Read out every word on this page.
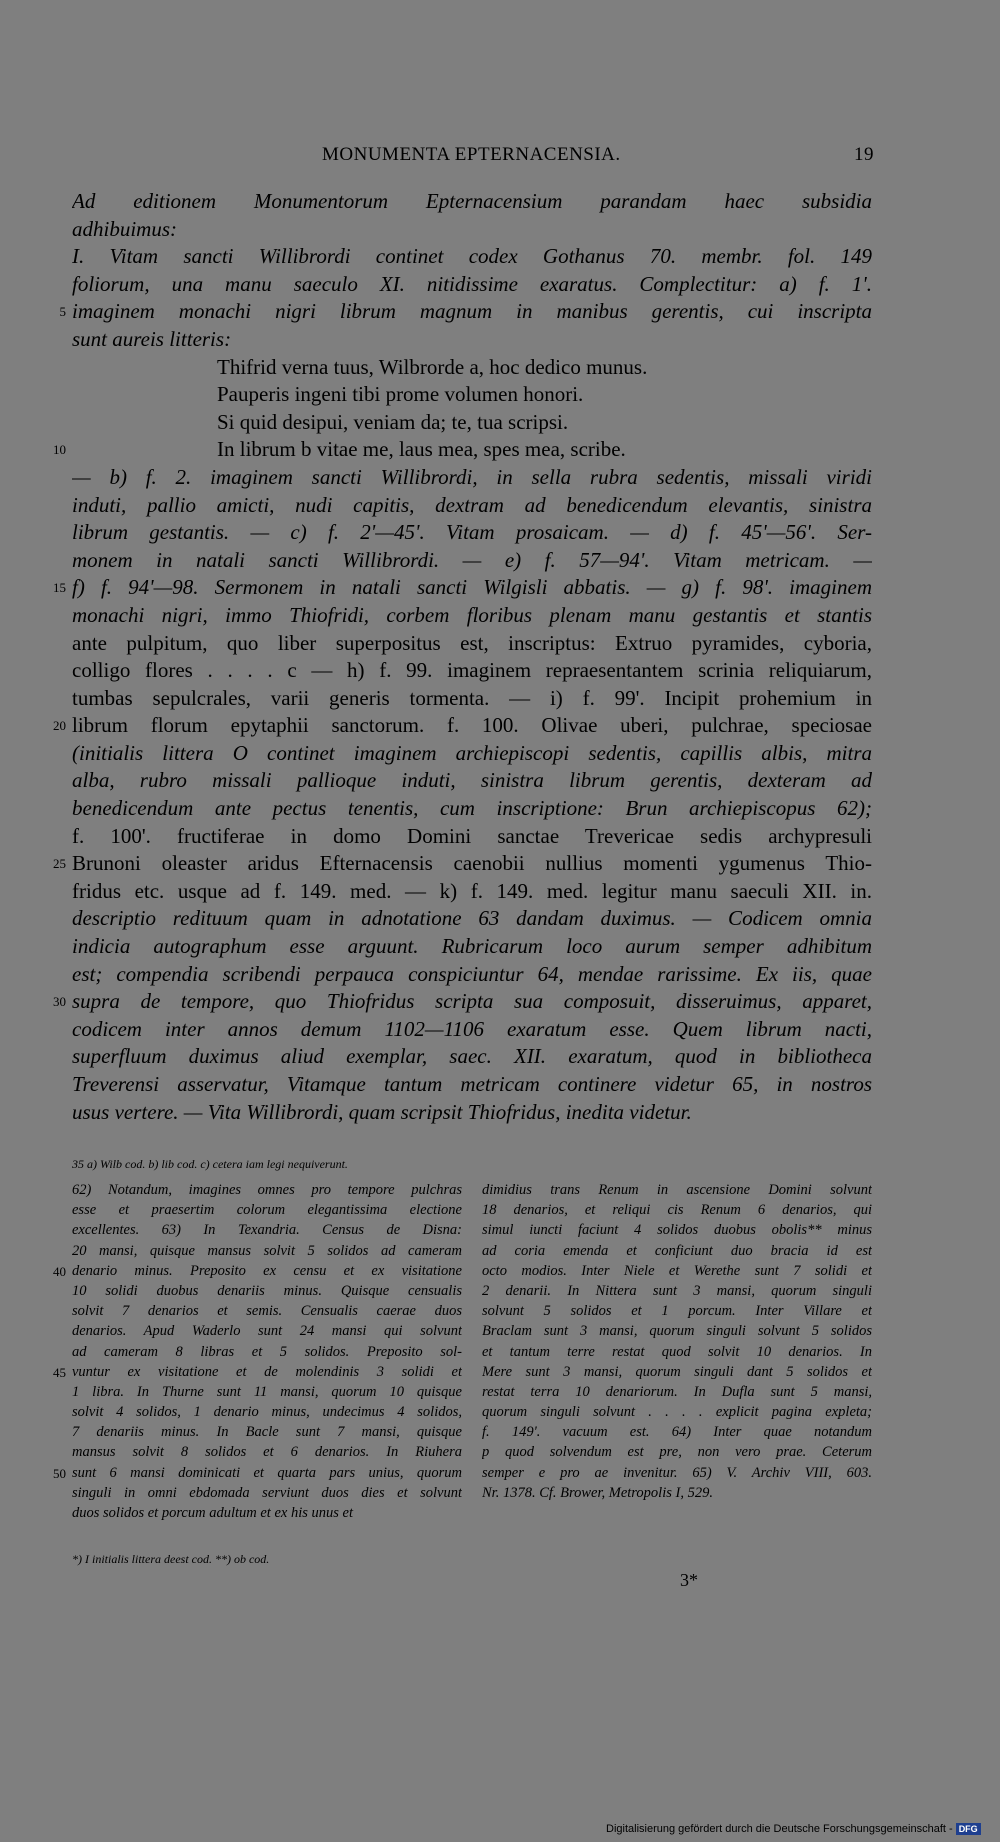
MONUMENTA EPTERNACENSIA.	19
Ad editionem Monumentorum Epternacensium parandam haec subsidia
adhibuimus:
I. Vitam sancti Willibrordi continet codex Gothanus 70. membr. fol. 149
foliorum, una manu saeculo XI. nitidissime exaratus. Complectitur: a) f. 1'.
imaginem monachi nigri librum magnum in manibus gerentis, cui inscripta
sunt aureis litteris:
Thifrid verna tuus, Wilbrorde a, hoc dedico munus.
Pauperis ingeni tibi prome volumen honori.
Si quid desipui, veniam da; te, tua scripsi.
In librum b vitae me, laus mea, spes mea, scribe.
— b) f. 2. imaginem sancti Willibrordi, in sella rubra sedentis, missali viridi
induti, pallio amicti, nudi capitis, dextram ad benedicendum elevantis, sinistra
librum gestantis. — c) f. 2'—45'. Vitam prosaicam. — d) f. 45'—56'. Ser-
monem in natali sancti Willibrordi. — e) f. 57—94'. Vitam metricam. —
f) f. 94'—98. Sermonem in natali sancti Wilgisli abbatis. — g) f. 98'. imaginem
monachi nigri, immo Thiofridi, corbem floribus plenam manu gestantis et stantis
ante pulpitum, quo liber superpositus est, inscriptus: Extruo pyramides, cyboria,
colligo flores . . . . c — h) f. 99. imaginem repraesentantem scrinia reliquiarum,
tumbas sepulcrales, varii generis tormenta. — i) f. 99'. Incipit prohemium in
librum florum epytaphii sanctorum. f. 100. Olivae uberi, pulchrae, speciosae
(initialis littera O continet imaginem archiepiscopi sedentis, capillis albis, mitra
alba, rubro missali pallioque induti, sinistra librum gerentis, dexteram ad
benedicendum ante pectus tenentis, cum inscriptione: Brun archiepiscopus 62);
f. 100'. fructiferae in domo Domini sanctae Trevericae sedis archypresuli
Brunoni oleaster aridus Efternacensis caenobii nullius momenti ygumenus Thio-
fridus etc. usque ad f. 149. med. — k) f. 149. med. legitur manu saeculi XII. in.
descriptio redituum quam in adnotatione 63 dandam duximus. — Codicem omnia
indicia autographum esse arguunt. Rubricarum loco aurum semper adhibitum
est; compendia scribendi perpauca conspiciuntur 64, mendae rarissime. Ex iis, quae
supra de tempore, quo Thiofridus scripta sua composuit, disseruimus, apparet,
codicem inter annos demum 1102—1106 exaratum esse. Quem librum nacti,
superfluum duximus aliud exemplar, saec. XII. exaratum, quod in bibliotheca
Treverensi asservatur, Vitamque tantum metricam continere videtur 65, in nostros
usus vertere. — Vita Willibrordi, quam scripsit Thiofridus, inedita videtur.
35 a) Wilb cod. b) lib cod. c) cetera iam legi nequiverunt.
62) Notandum, imagines omnes pro tempore pulchras
esse et praesertim colorum elegantissima electione
excellentes. 63) In Texandria. Census de Disna:
20 mansi, quisque mansus solvit 5 solidos ad cameram
denario minus. Preposito ex censu et ex visitatione
10 solidi duobus denariis minus. Quisque censualis
solvit 7 denarios et semis. Censualis caerae duos
denarios. Apud Waderlo sunt 24 mansi qui solvunt
ad cameram 8 libras et 5 solidos. Preposito sol-
vuntur ex visitatione et de molendinis 3 solidi et
1 libra. In Thurne sunt 11 mansi, quorum 10 quisque
solvit 4 solidos, 1 denario minus, undecimus 4 solidos,
7 denariis minus. In Bacle sunt 7 mansi, quisque
mansus solvit 8 solidos et 6 denarios. In Riuhera
sunt 6 mansi dominicati et quarta pars unius, quorum
singuli in omni ebdomada serviunt duos dies et solvunt
duos solidos et porcum adultum et ex his unus et
dimidius trans Renum in ascensione Domini solvunt
18 denarios, et reliqui cis Renum 6 denarios, qui
simul iuncti faciunt 4 solidos duobus obolis** minus
ad coria emenda et conficiunt duo bracia id est
octo modios. Inter Niele et Werethe sunt 7 solidi et
2 denarii. In Nittera sunt 3 mansi, quorum singuli
solvunt 5 solidos et 1 porcum. Inter Villare et
Braclam sunt 3 mansi, quorum singuli solvunt 5 solidos
et tantum terre restat quod solvit 10 denarios. In
Mere sunt 3 mansi, quorum singuli dant 5 solidos et
restat terra 10 denariorum. In Dufla sunt 5 mansi,
quorum singuli solvunt . . . . explicit pagina expleta;
f. 149'. vacuum est. 64) Inter quae notandum
p quod solvendum est pre, non vero prae. Ceterum
semper e pro ae invenitur. 65) V. Archiv VIII, 603.
Nr. 1378. Cf. Brower, Metropolis I, 529.
*) I initialis littera deest cod. **) ob cod.
3*
Digitalisierung gefördert durch die Deutsche Forschungsgemeinschaft - DFG
5
10
15
20
25
30
40
45
50
